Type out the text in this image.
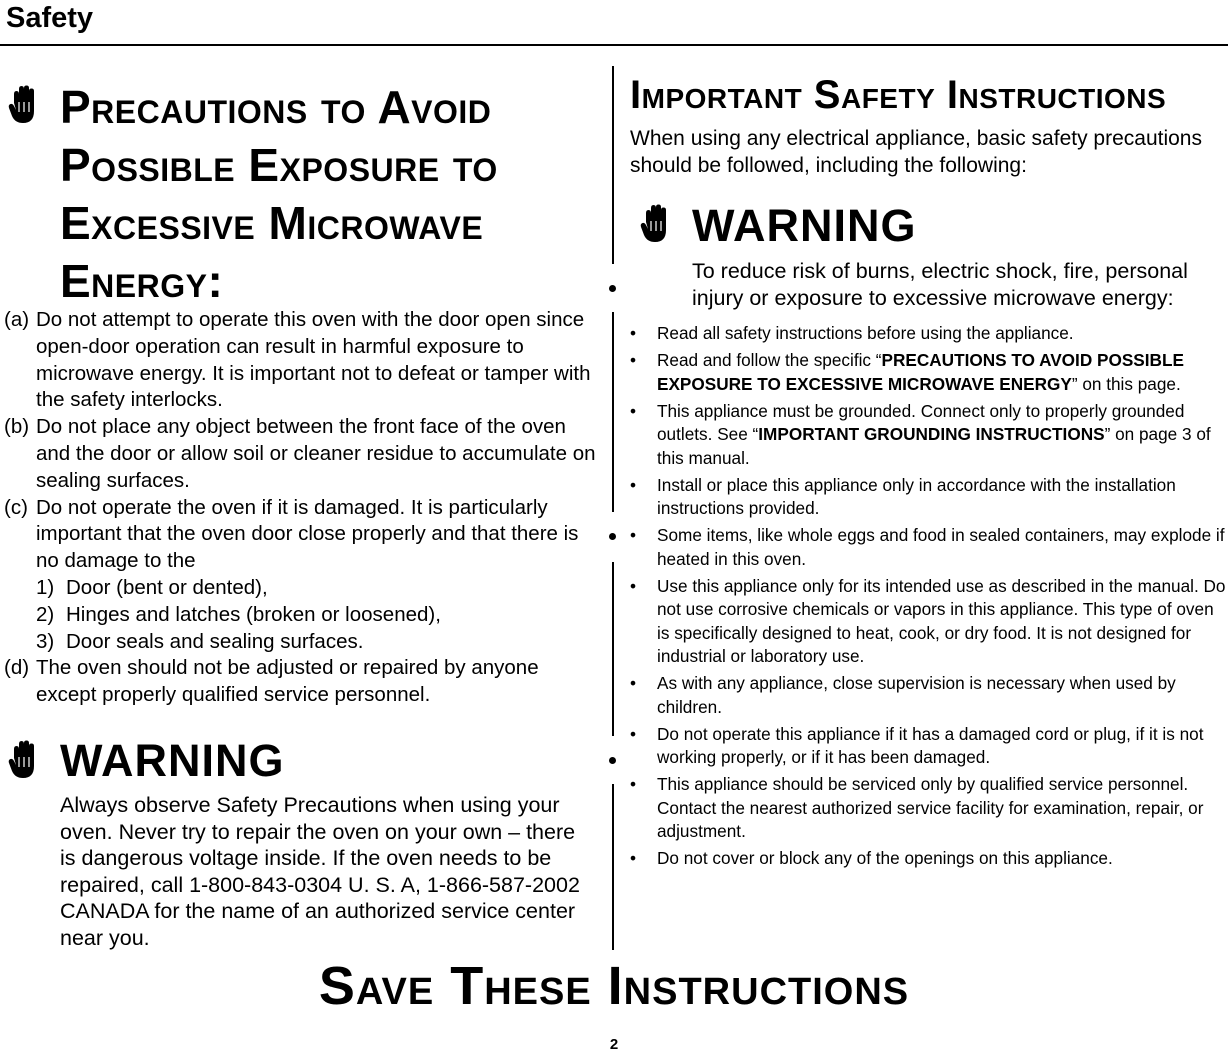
Safety
Precautions to Avoid
Possible Exposure to
Excessive Microwave
Energy:
(a) Do not attempt to operate this oven with the door open since open-door operation can result in harmful exposure to microwave energy. It is important not to defeat or tamper with the safety interlocks.
(b) Do not place any object between the front face of the oven and the door or allow soil or cleaner residue to accumulate on sealing surfaces.
(c) Do not operate the oven if it is damaged. It is particularly important that the oven door close properly and that there is no damage to the
1) Door (bent or dented),
2) Hinges and latches (broken or loosened),
3) Door seals and sealing surfaces.
(d) The oven should not be adjusted or repaired by anyone except properly qualified service personnel.
WARNING
Always observe Safety Precautions when using your oven. Never try to repair the oven on your own – there is dangerous voltage inside. If the oven needs to be repaired, call 1-800-843-0304 U. S. A, 1-866-587-2002 CANADA for the name of an authorized service center near you.
Important Safety Instructions
When using any electrical appliance, basic safety precautions should be followed, including the following:
WARNING
To reduce risk of burns, electric shock, fire, personal injury or exposure to excessive microwave energy:
•	Read all safety instructions before using the appliance.
•	Read and follow the specific “PRECAUTIONS TO AVOID POSSIBLE EXPOSURE TO EXCESSIVE MICROWAVE ENERGY” on this page.
•	This appliance must be grounded. Connect only to properly grounded outlets. See “IMPORTANT GROUNDING INSTRUCTIONS” on page 3 of this manual.
•	Install or place this appliance only in accordance with the installation instructions provided.
•	Some items, like whole eggs and food in sealed containers, may explode if heated in this oven.
•	Use this appliance only for its intended use as described in the manual. Do not use corrosive chemicals or vapors in this appliance. This type of oven is specifically designed to heat, cook, or dry food. It is not designed for industrial or laboratory use.
•	As with any appliance, close supervision is necessary when used by children.
•	Do not operate this appliance if it has a damaged cord or plug, if it is not working properly, or if it has been damaged.
•	This appliance should be serviced only by qualified service personnel. Contact the nearest authorized service facility for examination, repair, or adjustment.
•	Do not cover or block any of the openings on this appliance.
Save These Instructions
2
